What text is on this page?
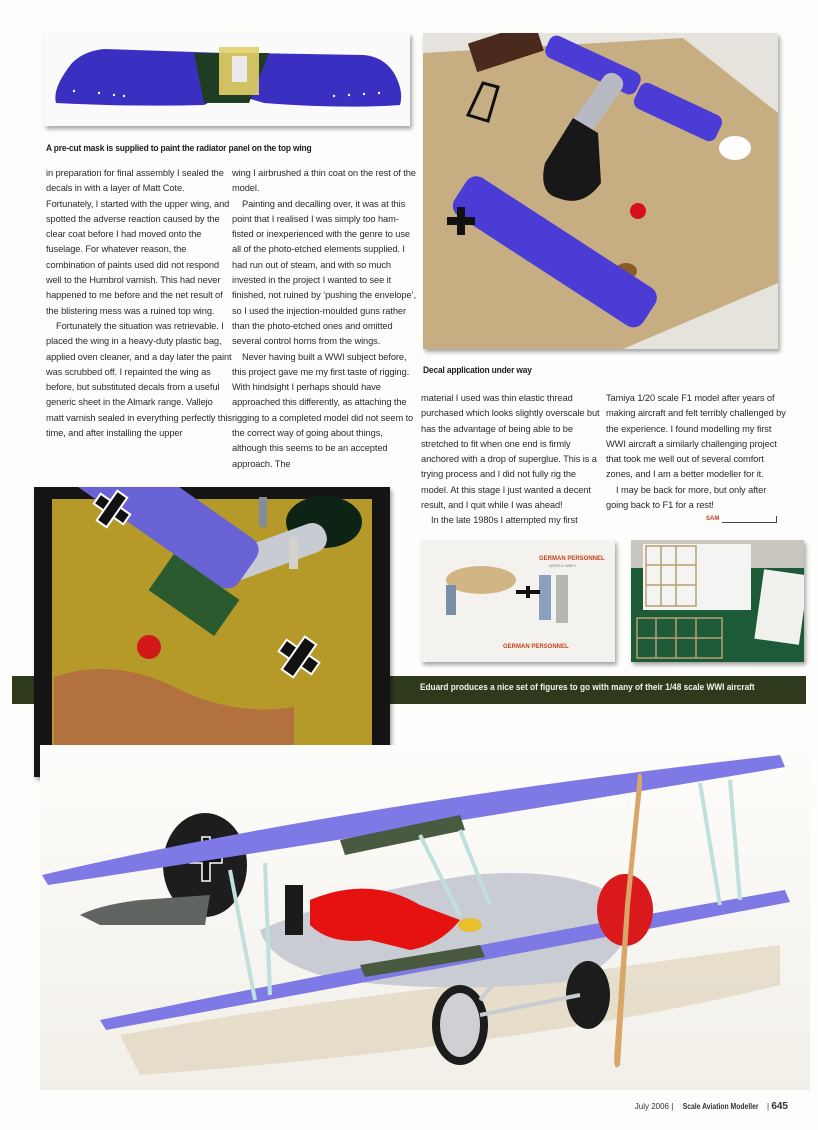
A pre-cut mask is supplied to paint the radiator panel on the top wing
Decal application under way

in preparation for final assembly I sealed the decals in with a layer of Matt Cote. Fortunately, I started with the upper wing, and spotted the adverse reaction caused by the clear coat before I had moved onto the fuselage. For whatever reason, the combination of paints used did not respond well to the Humbrol varnish. This had never happened to me before and the net result of the blistering mess was a ruined top wing.

Fortunately the situation was retrievable. I placed the wing in a heavy-duty plastic bag, applied oven cleaner, and a day later the paint was scrubbed off. I repainted the wing as before, but substituted decals from a useful generic sheet in the Almark range. Vallejo matt varnish sealed in everything perfectly this time, and after installing the upper

wing I airbrushed a thin coat on the rest of the model.

Painting and decalling over, it was at this point that I realised I was simply too ham-fisted or inexperienced with the genre to use all of the photo-etched elements supplied. I had run out of steam, and with so much invested in the project I wanted to see it finished, not ruined by ‘pushing the envelope’, so I used the injection-moulded guns rather than the photo-etched ones and omitted several control horns from the wings.

Never having built a WWI subject before, this project gave me my first taste of rigging. With hindsight I perhaps should have approached this differently, as attaching the rigging to a completed model did not seem to the correct way of going about things, although this seems to be an accepted approach. The

material I used was thin elastic thread purchased which looks slightly overscale but has the advantage of being able to be stretched to fit when one end is firmly anchored with a drop of superglue. This is a trying process and I did not fully rig the model. At this stage I just wanted a decent result, and I quit while I was ahead!

In the late 1980s I attempted my first

Tamiya 1/20 scale F1 model after years of making aircraft and felt terribly challenged by the experience. I found modelling my first WWI aircraft a similarly challenging project that took me well out of several comfort zones, and I am a better modeller for it.

I may be back for more, but only after going back to F1 for a rest!

SAM
Eduard produces a nice set of figures to go with many of their 1/48 scale WWI aircraft
GERMAN PERSONNEL
WORLD WAR I
GERMAN PERSONNEL
July 2006 | Scale Aviation Modeller | 645
